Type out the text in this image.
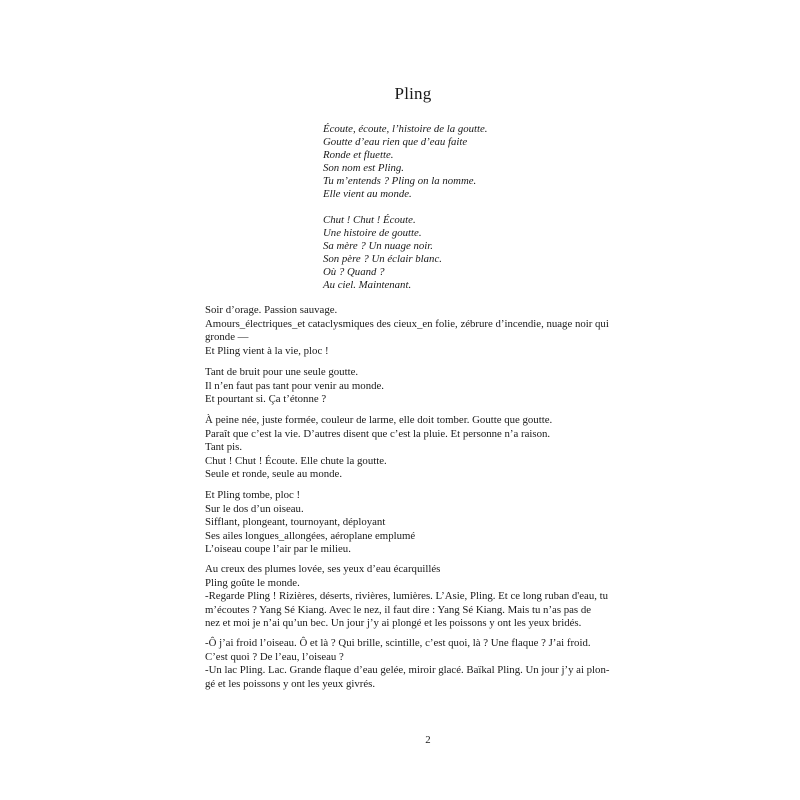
Pling
Écoute, écoute, l’histoire de la goutte.
Goutte d’eau rien que d’eau faite
Ronde et fluette.
Son nom est Pling.
Tu m’entends ? Pling on la nomme.
Elle vient au monde.
Chut ! Chut ! Écoute.
Une histoire de goutte.
Sa mère ? Un nuage noir.
Son père ? Un éclair blanc.
Où ? Quand ?
Au ciel. Maintenant.
Soir d’orage. Passion sauvage.
Amours_électriques_et cataclysmiques des cieux_en folie, zébrure d’incendie, nuage noir qui
gronde —
Et Pling vient à la vie, ploc !
Tant de bruit pour une seule goutte.
Il n’en faut pas tant pour venir au monde.
Et pourtant si. Ça t’étonne ?
À peine née, juste formée, couleur de larme, elle doit tomber. Goutte que goutte.
Paraît que c’est la vie. D’autres disent que c’est la pluie. Et personne n’a raison.
Tant pis.
Chut ! Chut ! Écoute. Elle chute la goutte.
Seule et ronde, seule au monde.
Et Pling tombe, ploc !
Sur le dos d’un oiseau.
Sifflant, plongeant, tournoyant, déployant
Ses ailes longues_allongées, aéroplane emplumé
L’oiseau coupe l’air par le milieu.
Au creux des plumes lovée, ses yeux d’eau écarquillés
Pling goûte le monde.
-Regarde Pling ! Rizières, déserts, rivières, lumières. L’Asie, Pling. Et ce long ruban d'eau, tu
m’écoutes ? Yang Sé Kiang. Avec le nez, il faut dire : Yang Sé Kiang. Mais tu n’as pas de
nez et moi je n’ai qu’un bec. Un jour j’y ai plongé et les poissons y ont les yeux bridés.
-Ô j’ai froid l’oiseau. Ô et là ? Qui brille, scintille, c’est quoi, là ? Une flaque ? J’ai froid.
C’est quoi ? De l’eau, l’oiseau ?
-Un lac Pling. Lac. Grande flaque d’eau gelée, miroir glacé. Baïkal Pling. Un jour j’y ai plon-
gé et les poissons y ont les yeux givrés.
2
